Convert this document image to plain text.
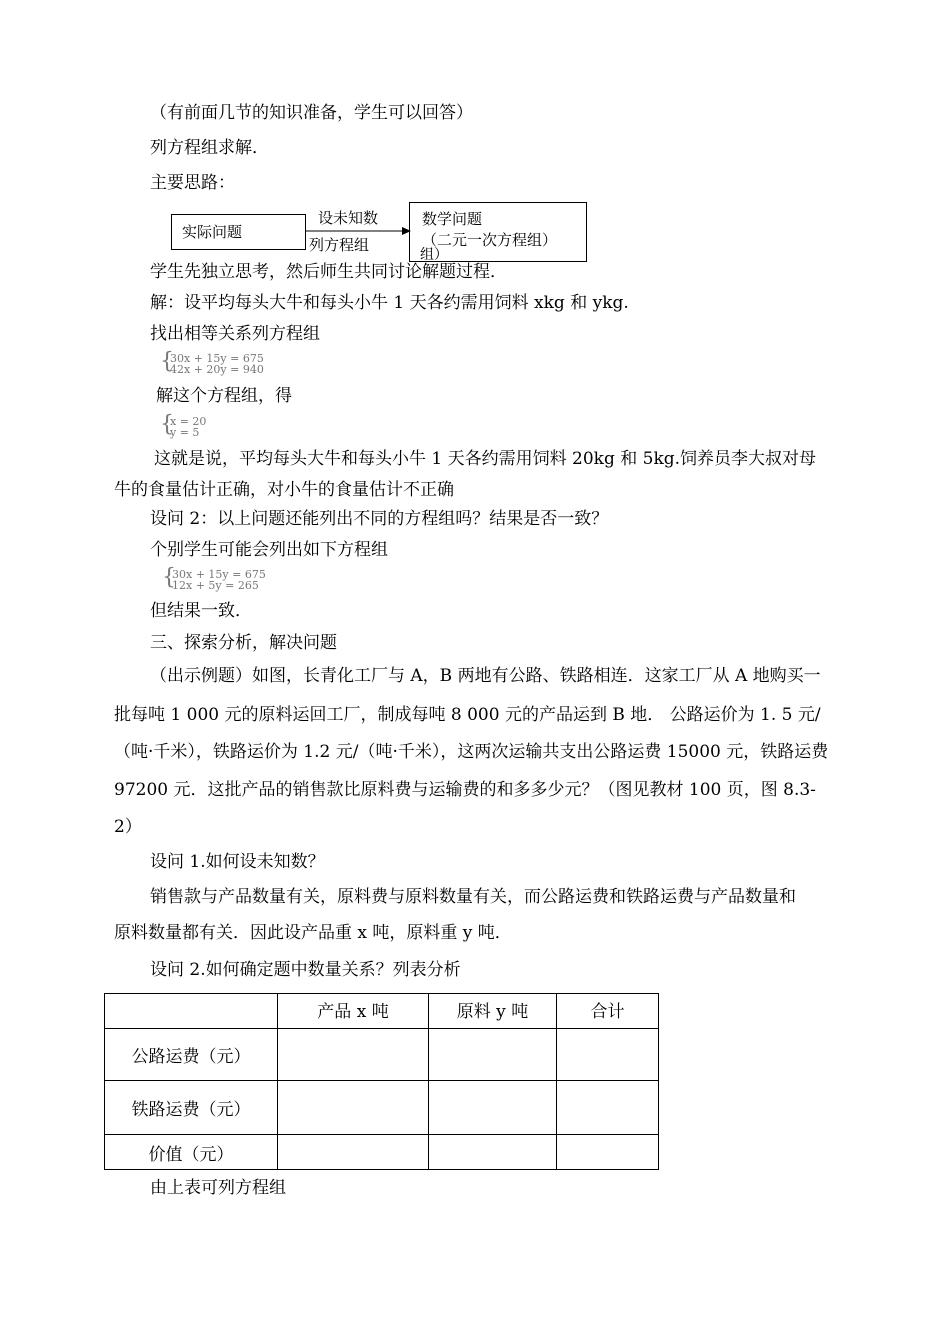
（有前面几节的知识准备，学生可以回答）
列方程组求解．
主要思路：
实际问题
设未知数
列方程组
数学问题
（二元一次方程组）
组）
学生先独立思考，然后师生共同讨论解题过程．
解：设平均每头大牛和每头小牛 1 天各约需用饲料 xkg 和 ykg.
找出相等关系列方程组
{
30x + 15y = 675
42x + 20y = 940
解这个方程组，得
{
x = 20
y = 5
这就是说，平均每头大牛和每头小牛 1 天各约需用饲料 20kg 和 5kg.饲养员李大叔对母
牛的食量估计正确，对小牛的食量估计不正确
设问 2：以上问题还能列出不同的方程组吗？结果是否一致？
个别学生可能会列出如下方程组
{
30x + 15y = 675
12x + 5y = 265
但结果一致．
三、探索分析，解决问题
（出示例题）如图，长青化工厂与 A，B 两地有公路、铁路相连．这家工厂从 A 地购买一
批每吨 1 000 元的原料运回工厂，制成每吨 8 000 元的产品运到 B 地． 公路运价为 1. 5 元/
（吨·千米），铁路运价为 1.2 元/（吨·千米），这两次运输共支出公路运费 15000 元，铁路运费
97200 元．这批产品的销售款比原料费与运输费的和多多少元？（图见教材 100 页，图 8.3-
2）
设问 1.如何设未知数？
销售款与产品数量有关，原料费与原料数量有关，而公路运费和铁路运费与产品数量和
原料数量都有关．因此设产品重 x 吨，原料重 y 吨．
设问 2.如何确定题中数量关系？列表分析
	产品 x 吨	原料 y 吨	合计
公路运费（元）			
铁路运费（元）			
价值（元）			
由上表可列方程组
